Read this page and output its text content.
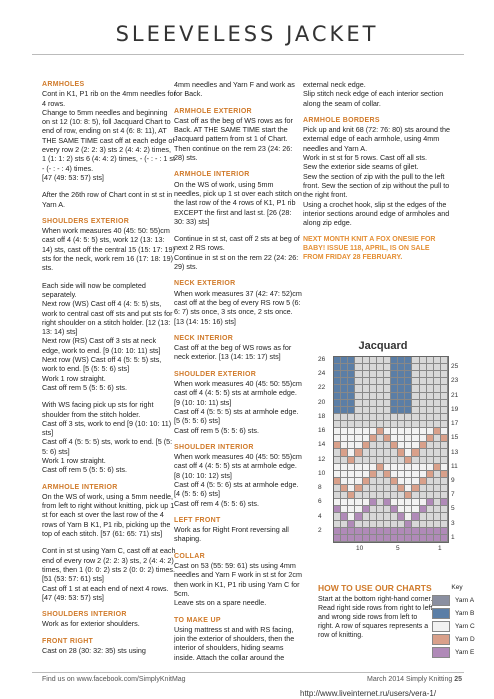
SLEEVELESS JACKET
ARMHOLES
Cont in K1, P1 rib on the 4mm needles for 4 rows.
Change to 5mm needles and beginning on st 12 (10: 8: 5), foll Jacquard Chart to end of row, ending on st 4 (6: 8: 11), AT THE SAME TIME cast off at each edge of every row 2 (2: 2: 3) sts 2 (4: 4: 2) times, 1 (1: 1: 2) sts 6 (4: 4: 2) times, - (- : - : 1 st - (- : - : 4) times.
[47 (49: 53: 57) sts]
After the 26th row of Chart cont in st st in Yarn A.
SHOULDERS EXTERIOR
When work measures 40 (45: 50: 55)cm cast off 4 (4: 5: 5) sts, work 12 (13: 13: 14) sts, cast off the central 15 (15: 17: 19) sts for the neck, work rem 16 (17: 18: 19) sts.
Each side will now be completed separately.
Next row (WS) Cast off 4 (4: 5: 5) sts, work to central cast off sts and put sts for right shoulder on a stitch holder. [12 (13: 13: 14) sts]
Next row (RS) Cast off 3 sts at neck edge, work to end. [9 (10: 10: 11) sts]
Next row (WS) Cast off 4 (5: 5: 5) sts, work to end. [5 (5: 5: 6) sts]
Work 1 row straight.
Cast off rem 5 (5: 5: 6) sts.
With WS facing pick up sts for right shoulder from the stitch holder.
Cast off 3 sts, work to end [9 (10: 10: 11) sts]
Cast off 4 (5: 5: 5) sts, work to end. [5 (5: 5: 6) sts]
Work 1 row straight.
Cast off rem 5 (5: 5: 6) sts.
ARMHOLE INTERIOR
On the WS of work, using a 5mm needle, from left to right without knitting, pick up 1 st for each st over the last row of the 4 rows of Yarn B K1, P1 rib, picking up the top of each stitch. [57 (61: 65: 71) sts]
Cont in st st using Yarn C, cast off at each end of every row 2 (2: 2: 3) sts, 2 (4: 4: 2) times, then 1 (0: 0: 2) sts 2 (0: 0: 2) times. [51 (53: 57: 61) sts]
Cast off 1 st at each end of next 4 rows. [47 (49: 53: 57) sts]
SHOULDERS INTERIOR
Work as for exterior shoulders.
FRONT RIGHT
Cast on 28 (30: 32: 35) sts using
4mm needles and Yarn F and work as for Back.
ARMHOLE EXTERIOR
Cast off as the beg of WS rows as for Back. AT THE SAME TIME start the Jacquard pattern from st 1 of Chart. Then continue on the rem 23 (24: 26: 28) sts.
ARMHOLE INTERIOR
On the WS of work, using 5mm needles, pick up 1 st over each stitch on the last row of the 4 rows of K1, P1 rib EXCEPT the first and last st. [26 (28: 30: 33) sts]
Continue in st st, cast off 2 sts at beg of next 2 RS rows.
Continue in st st on the rem 22 (24: 26: 29) sts.
NECK EXTERIOR
When work measures 37 (42: 47: 52)cm cast off at the beg of every RS row 5 (6: 6: 7) sts once, 3 sts once, 2 sts once. [13 (14: 15: 16) sts]
NECK INTERIOR
Cast off at the beg of WS rows as for neck exterior. [13 (14: 15: 17) sts]
SHOULDER EXTERIOR
When work measures 40 (45: 50: 55)cm cast off 4 (4: 5: 5) sts at armhole edge. [9 (10: 10: 11) sts]
Cast off 4 (5: 5: 5) sts at armhole edge. [5 (5: 5: 6) sts]
Cast off rem 5 (5: 5: 6) sts.
SHOULDER INTERIOR
When work measures 40 (45: 50: 55)cm cast off 4 (4: 5: 5) sts at armhole edge. [8 (10: 10: 12) sts]
Cast off 4 (5: 5: 6) sts at armhole edge. [4 (5: 5: 6) sts]
Cast off rem 4 (5: 5: 6) sts.
LEFT FRONT
Work as for Right Front reversing all shaping.
COLLAR
Cast on 53 (55: 59: 61) sts using 4mm needles and Yarn F work in st st for 2cm then work in K1, P1 rib using Yarn C for 5cm.
Leave sts on a spare needle.
TO MAKE UP
Using mattress st and with RS facing, join the exterior of shoulders, then the interior of shoulders, hiding seams inside. Attach the collar around the
external neck edge.
Slip stitch neck edge of each interior section along the seam of collar.
ARMHOLE BORDERS
Pick up and knit 68 (72: 76: 80) sts around the external edge of each armhole, using 4mm needles and Yarn A.
Work in st st for 5 rows. Cast off all sts.
Sew the exterior side seams of gilet.
Sew the section of zip with the pull to the left front. Sew the section of zip without the pull to the right front.
Using a crochet hook, slip st the edges of the interior sections around edge of armholes and along zip edge.
NEXT MONTH KNIT A FOX ONESIE FOR BABY! ISSUE 118, APRIL, IS ON SALE FROM FRIDAY 28 FEBRUARY.
Jacquard
26
24
22
20
18
16
14
12
10
8
6
4
2
25
23
21
19
17
15
13
11
9
7
5
3
1
10	5	1
HOW TO USE OUR CHARTS
Start at the bottom right-hand corner. Read right side rows from right to left and wrong side rows from left to right. A row of squares represents a row of knitting.
Key
Yarn A
Yarn B
Yarn C
Yarn D
Yarn E
Find us on www.facebook.com/SimplyKnitMag	March 2014 Simply Knitting 25
http://www.liveinternet.ru/users/vera-1/
